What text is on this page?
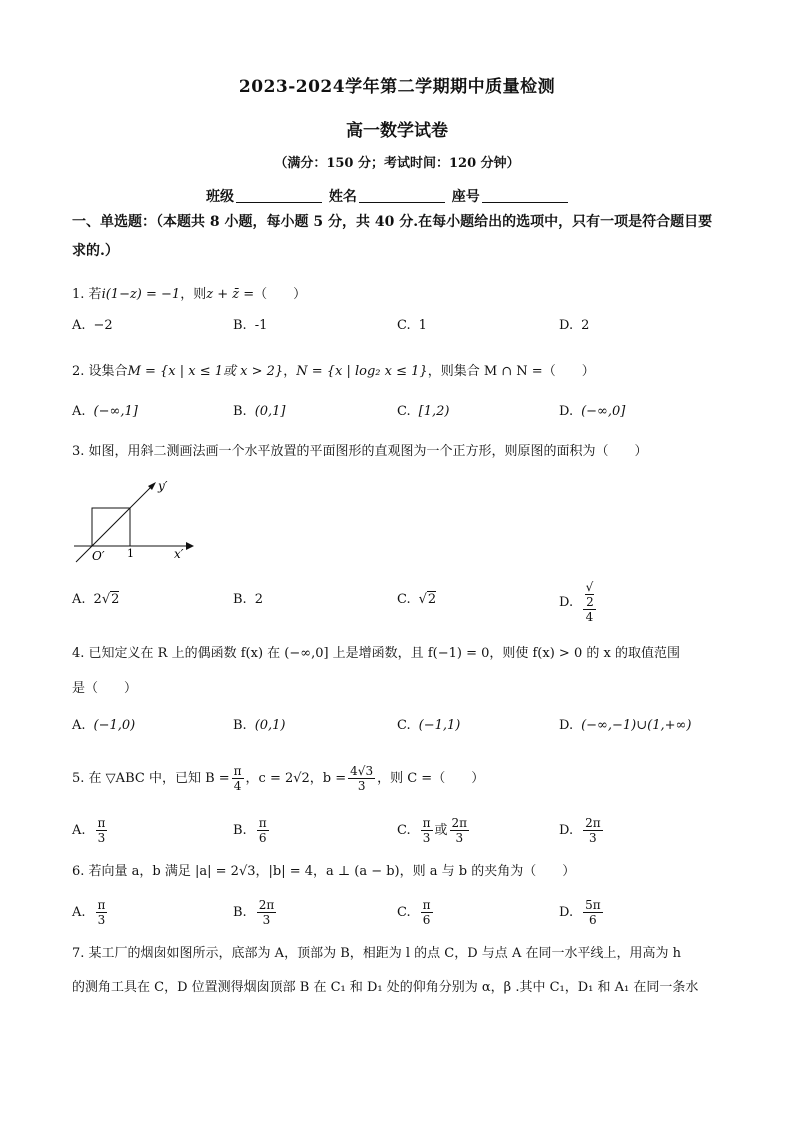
2023-2024学年第二学期期中质量检测
高一数学试卷
（满分：150 分；考试时间：120 分钟）
班级	姓名	座号
一、单选题：（本题共 8 小题，每小题 5 分，共 40 分.在每小题给出的选项中，只有一项是符合题目要求的.）
1. 若i(1−z) = −1，则z + z̄ =（　　）
A. −2	B. -1	C. 1	D. 2
2. 设集合M = {x | x ≤ 1或 x > 2}，N = {x | log₂ x ≤ 1}，则集合 M ∩ N =（　　）
A. (−∞,1]	B. (0,1]	C. [1,2)	D. (−∞,0]
3. 如图，用斜二测画法画一个水平放置的平面图形的直观图为一个正方形，则原图的面积为（　　）
y′
x′
O′ 1
A. 2√2	B. 2	C. √2	D. √
2
4
4. 已知定义在 R 上的偶函数 f(x) 在 (−∞,0] 上是增函数，且 f(−1) = 0，则使 f(x) > 0 的 x 的取值范围
是（　　）
A. (−1,0)	B. (0,1)	C. (−1,1)	D. (−∞,−1)∪(1,+∞)
5. 在 ▽ABC 中，已知 $B = \frac{\pi}{4}$ ，c = 2√2，$b = \frac{4√3}{3}$ ，则 C =（　　）
A. $\frac{\pi}{3}$	B. $\frac{\pi}{6}$	C. $\frac{\pi}{3}$ 或 $\frac{2\pi}{3}$	D. $\frac{2\pi}{3}$
6. 若向量 a，b 满足 |a| = 2√3，|b| = 4，a ⊥ (a − b)，则 a 与 b 的夹角为（　　）
A. $\frac{\pi}{3}$	B. $\frac{2\pi}{3}$	C. $\frac{\pi}{6}$	D. $\frac{5\pi}{6}$
7. 某工厂的烟囱如图所示，底部为 A，顶部为 B，相距为 l 的点 C，D 与点 A 在同一水平线上，用高为 h
的测角工具在 C，D 位置测得烟囱顶部 B 在 C₁ 和 D₁ 处的仰角分别为 α，β .其中 C₁，D₁ 和 A₁ 在同一条水
